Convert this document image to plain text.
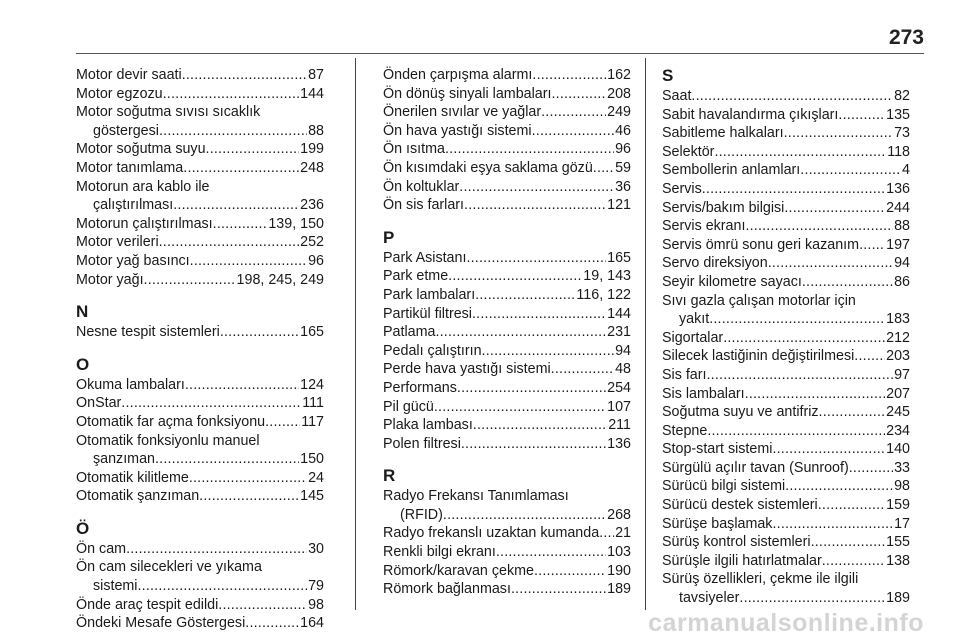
273
Motor devir saati .....	87
Motor egzozu .....	144
Motor soğutma sıvısı sıcaklık
göstergesi .....	88
Motor soğutma suyu .....	199
Motor tanımlama .....	248
Motorun ara kablo ile
çalıştırılması .....	236
Motorun çalıştırılması .....	139, 150
Motor verileri .....	252
Motor yağ basıncı .....	96
Motor yağı .....	198, 245, 249
N
Nesne tespit sistemleri .....	165
O
Okuma lambaları .....	124
OnStar .....	111
Otomatik far açma fonksiyonu .....	117
Otomatik fonksiyonlu manuel
şanzıman .....	150
Otomatik kilitleme .....	24
Otomatik şanzıman .....	145
Ö
Ön cam .....	30
Ön cam silecekleri ve yıkama
sistemi .....	79
Önde araç tespit edildi .....	98
Öndeki Mesafe Göstergesi .....	164
Önden çarpışma alarmı .....	162
Ön dönüş sinyali lambaları .....	208
Önerilen sıvılar ve yağlar .....	249
Ön hava yastığı sistemi .....	46
Ön ısıtma .....	96
Ön kısımdaki eşya saklama gözü ..... 59
Ön koltuklar .....	36
Ön sis farları .....	121
P
Park Asistanı .....	165
Park etme .....	19, 143
Park lambaları .....	116, 122
Partikül filtresi .....	144
Patlama .....	231
Pedalı çalıştırın .....	94
Perde hava yastığı sistemi .....	48
Performans .....	254
Pil gücü .....	107
Plaka lambası .....	211
Polen filtresi .....	136
R
Radyo Frekansı Tanımlaması
(RFID) .....	268
Radyo frekanslı uzaktan kumanda ..... 21
Renkli bilgi ekranı .....	103
Römork/karavan çekme .....	190
Römork bağlanması .....	189
S
Saat .....	82
Sabit havalandırma çıkışları .....	135
Sabitleme halkaları .....	73
Selektör .....	118
Sembollerin anlamları .....	4
Servis .....	136
Servis/bakım bilgisi .....	244
Servis ekranı .....	88
Servis ömrü sonu geri kazanım ..... 197
Servo direksiyon .....	94
Seyir kilometre sayacı .....	86
Sıvı gazla çalışan motorlar için
yakıt .....	183
Sigortalar .....	212
Silecek lastiğinin değiştirilmesi ..... 203
Sis farı .....	97
Sis lambaları .....	207
Soğutma suyu ve antifriz .....	245
Stepne .....	234
Stop-start sistemi .....	140
Sürgülü açılır tavan (Sunroof) .....	33
Sürücü bilgi sistemi .....	98
Sürücü destek sistemleri .....	159
Sürüşe başlamak .....	17
Sürüş kontrol sistemleri .....	155
Sürüşle ilgili hatırlatmalar .....	138
Sürüş özellikleri, çekme ile ilgili
tavsiyeler .....	189
carmanualsonline.info
